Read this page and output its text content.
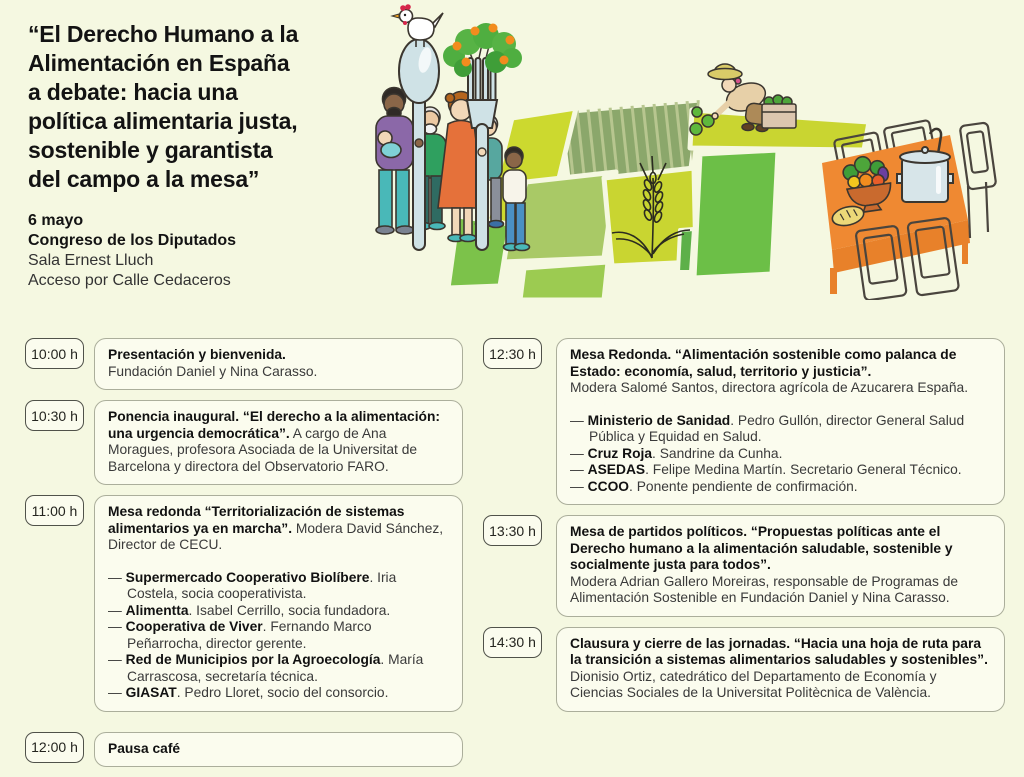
“El Derecho Humano a la
Alimentación en España
a debate: hacia una
política alimentaria justa,
sostenible y garantista
del campo a la mesa”
6 mayo
Congreso de los Diputados
Sala Ernest Lluch
Acceso por Calle Cedaceros
10:00 h	Presentación y bienvenida.
Fundación Daniel y Nina Carasso.
10:30 h	Ponencia inaugural. “El derecho a la alimentación: una urgencia democrática”. A cargo de Ana Moragues, profesora Asociada de la Universitat de Barcelona y directora del Observatorio FARO.

11:00 h	Mesa redonda “Territorialización de sistemas alimentarios ya en marcha”. Modera David Sánchez, Director de CECU.

— Supermercado Cooperativo Biolíbere. Iria Costela, socia cooperativista.
— Alimentta. Isabel Cerrillo, socia fundadora.
— Cooperativa de Viver. Fernando Marco Peñarrocha, director gerente.
— Red de Municipios por la Agroecología. María Carrascosa, secretaría técnica.
— GIASAT. Pedro Lloret, socio del consorcio.
12:00 h	Pausa café
12:30 h	Mesa Redonda. “Alimentación sostenible como palanca de Estado: economía, salud, territorio y justicia”.
Modera Salomé Santos, directora agrícola de Azucarera España.
— Ministerio de Sanidad. Pedro Gullón, director General Salud Pública y Equidad en Salud.
— Cruz Roja. Sandrine da Cunha.
— ASEDAS. Felipe Medina Martín. Secretario General Técnico.
— CCOO. Ponente pendiente de confirmación.
13:30 h	Mesa de partidos políticos. “Propuestas políticas ante el Derecho humano a la alimentación saludable, sostenible y socialmente justa para todos”.
Modera Adrian Gallero Moreiras, responsable de Programas de Alimentación Sostenible en Fundación Daniel y Nina Carasso.
14:30 h	Clausura y cierre de las jornadas. “Hacia una hoja de ruta para la transición a sistemas alimentarios saludables y sostenibles”.
Dionisio Ortiz, catedrático del Departamento de Economía y Ciencias Sociales de la Universitat Politècnica de València.
